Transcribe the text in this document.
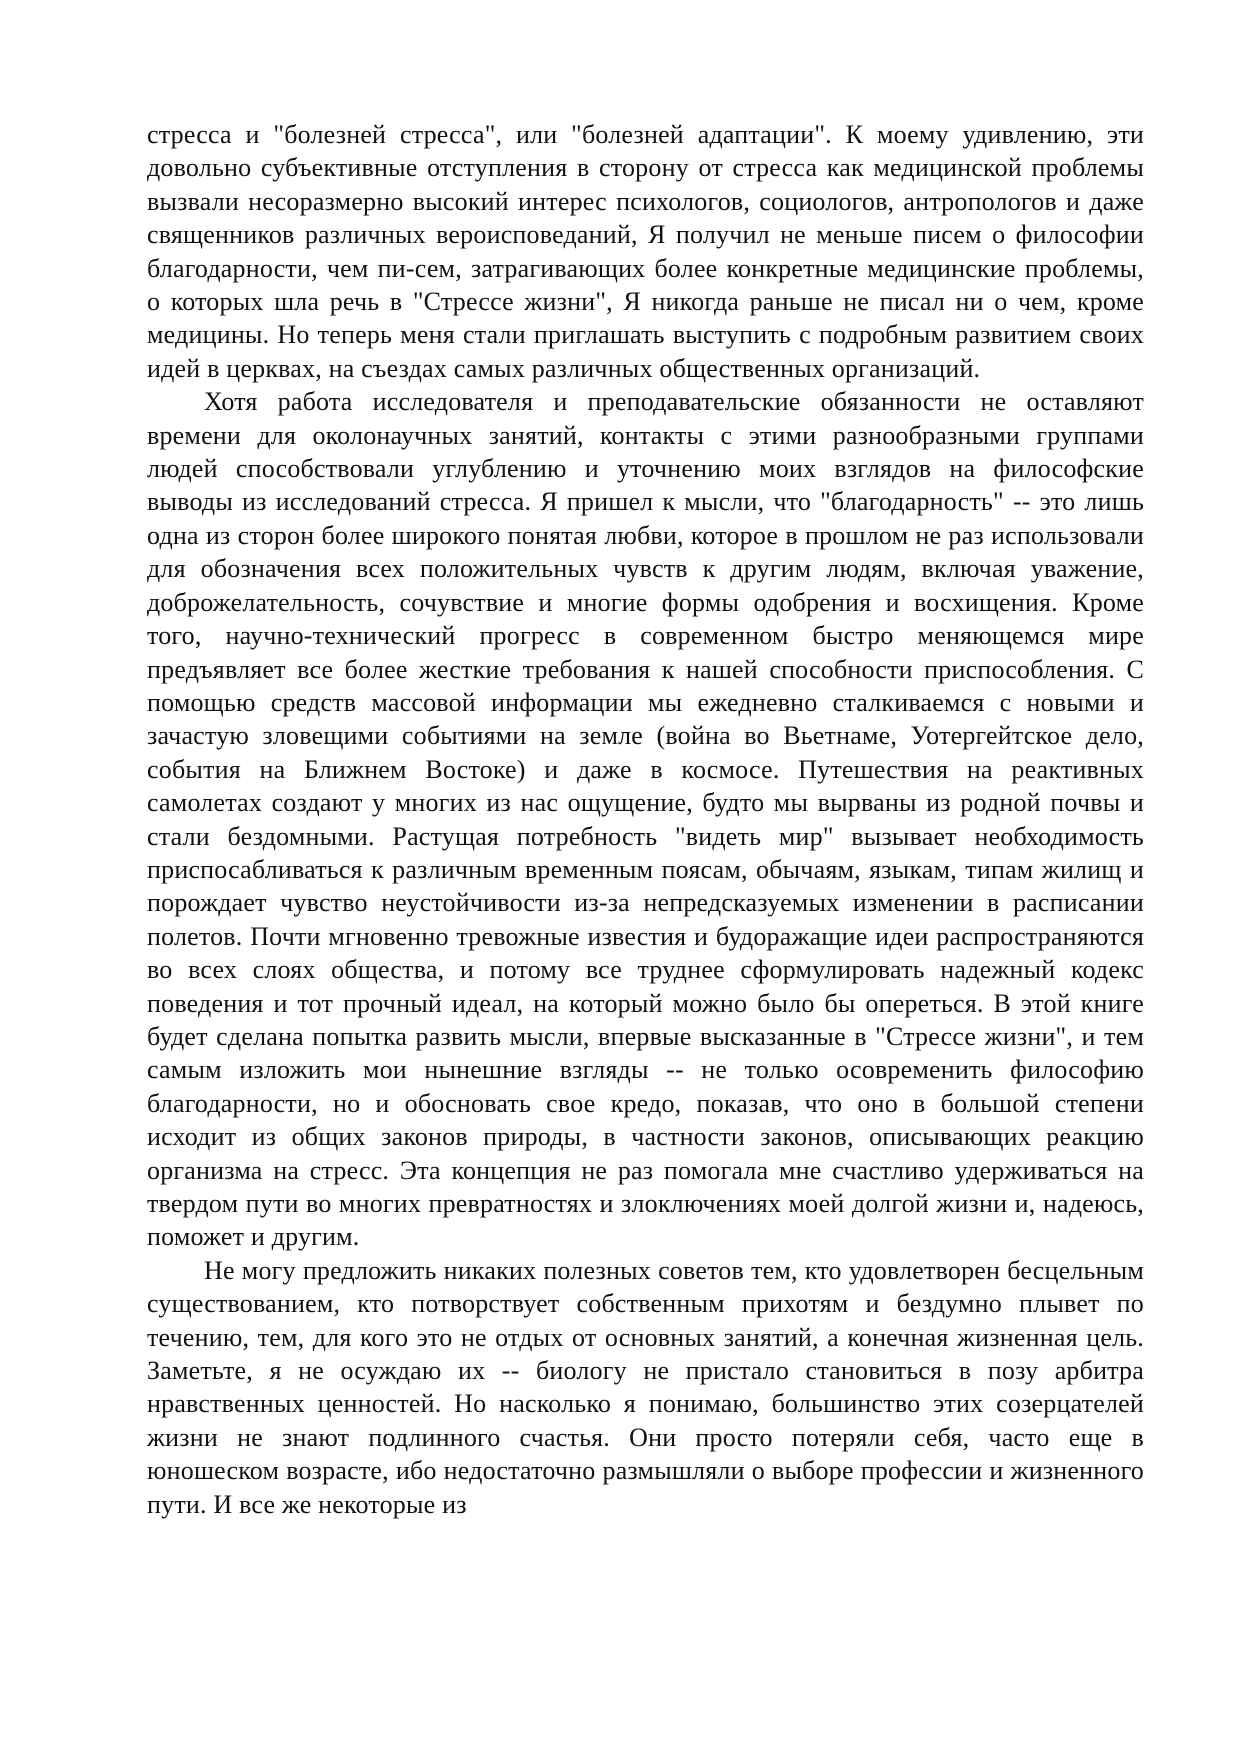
стресса и "болезней стресса", или "болезней адаптации". К моему удивлению, эти довольно субъективные отступления в сторону от стресса как медицинской проблемы вызвали несоразмерно высокий интерес психологов, социологов, антропологов и даже священников различных вероисповеданий, Я получил не меньше писем о философии благодарности, чем пи-сем, затрагивающих более конкретные медицинские проблемы, о которых шла речь в "Стрессе жизни", Я никогда раньше не писал ни о чем, кроме медицины. Но теперь меня стали приглашать выступить с подробным развитием своих идей в церквах, на съездах самых различных общественных организаций.

Хотя работа исследователя и преподавательские обязанности не оставляют времени для околонаучных занятий, контакты с этими разнообразными группами людей способствовали углублению и уточнению моих взглядов на философские выводы из исследований стресса. Я пришел к мысли, что "благодарность" -- это лишь одна из сторон более широкого понятая любви, которое в прошлом не раз использовали для обозначения всех положительных чувств к другим людям, включая уважение, доброжелательность, сочувствие и многие формы одобрения и восхищения. Кроме того, научно-технический прогресс в современном быстро меняющемся мире предъявляет все более жесткие требования к нашей способности приспособления. С помощью средств массовой информации мы ежедневно сталкиваемся с новыми и зачастую зловещими событиями на земле (война во Вьетнаме, Уотергейтское дело, события на Ближнем Востоке) и даже в космосе. Путешествия на реактивных самолетах создают у многих из нас ощущение, будто мы вырваны из родной почвы и стали бездомными. Растущая потребность "видеть мир" вызывает необходимость приспосабливаться к различным временным поясам, обычаям, языкам, типам жилищ и порождает чувство неустойчивости из-за непредсказуемых изменении в расписании полетов. Почти мгновенно тревожные известия и будоражащие идеи распространяются во всех слоях общества, и потому все труднее сформулировать надежный кодекс поведения и тот прочный идеал, на который можно было бы опереться. В этой книге будет сделана попытка развить мысли, впервые высказанные в "Стрессе жизни", и тем самым изложить мои нынешние взгляды -- не только осовременить философию благодарности, но и обосновать свое кредо, показав, что оно в большой степени исходит из общих законов природы, в частности законов, описывающих реакцию организма на стресс. Эта концепция не раз помогала мне счастливо удерживаться на твердом пути во многих превратностях и злоключениях моей долгой жизни и, надеюсь, поможет и другим.

Не могу предложить никаких полезных советов тем, кто удовлетворен бесцельным существованием, кто потворствует собственным прихотям и бездумно плывет по течению, тем, для кого это не отдых от основных занятий, а конечная жизненная цель. Заметьте, я не осуждаю их -- биологу не пристало становиться в позу арбитра нравственных ценностей. Но насколько я понимаю, большинство этих созерцателей жизни не знают подлинного счастья. Они просто потеряли себя, часто еще в юношеском возрасте, ибо недостаточно размышляли о выборе профессии и жизненного пути. И все же некоторые из
